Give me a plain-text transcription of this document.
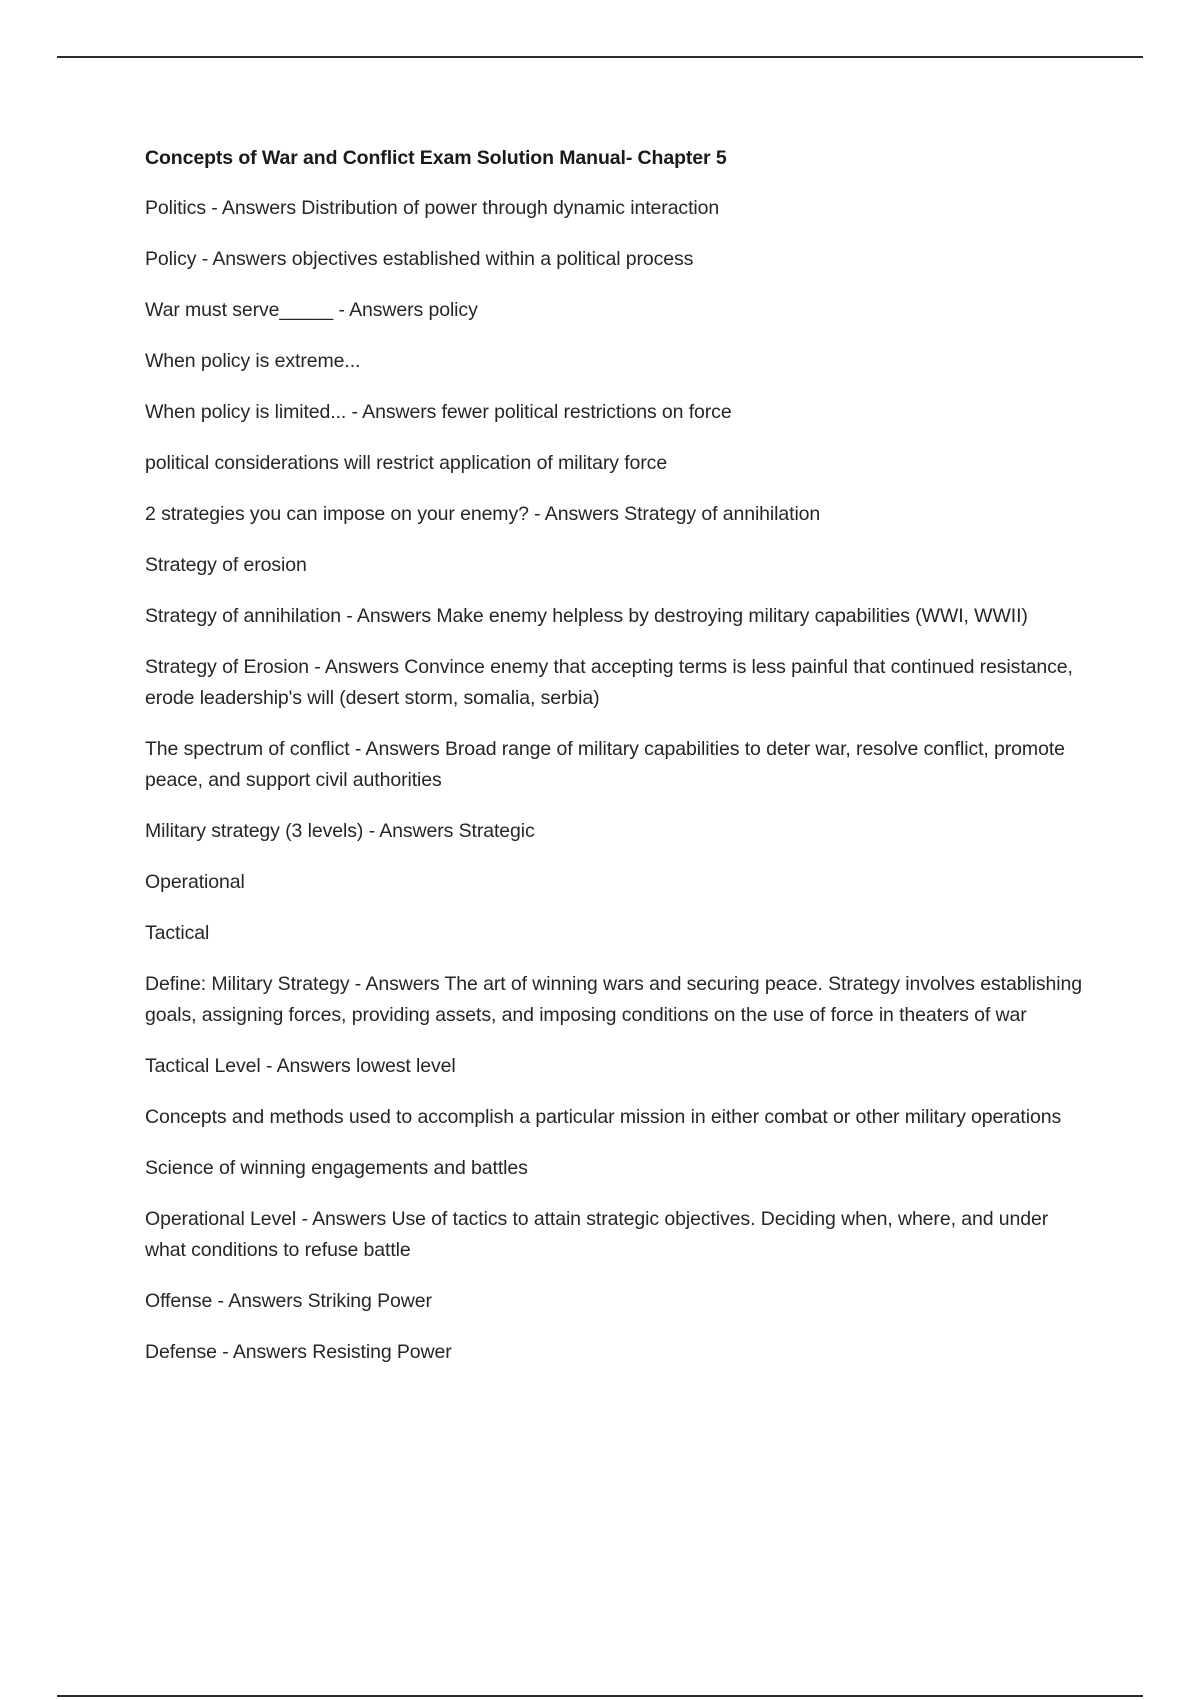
Concepts of War and Conflict Exam Solution Manual- Chapter 5

Politics - Answers Distribution of power through dynamic interaction
Policy - Answers objectives established within a political process
War must serve_____ - Answers policy
When policy is extreme...
When policy is limited... - Answers fewer political restrictions on force
political considerations will restrict application of military force
2 strategies you can impose on your enemy? - Answers Strategy of annihilation
Strategy of erosion
Strategy of annihilation - Answers Make enemy helpless by destroying military capabilities (WWI, WWII)
Strategy of Erosion - Answers Convince enemy that accepting terms is less painful that continued resistance, erode leadership's will (desert storm, somalia, serbia)
The spectrum of conflict - Answers Broad range of military capabilities to deter war, resolve conflict, promote peace, and support civil authorities
Military strategy (3 levels) - Answers Strategic
Operational
Tactical
Define: Military Strategy - Answers The art of winning wars and securing peace. Strategy involves establishing goals, assigning forces, providing assets, and imposing conditions on the use of force in theaters of war
Tactical Level - Answers lowest level
Concepts and methods used to accomplish a particular mission in either combat or other military operations
Science of winning engagements and battles
Operational Level - Answers Use of tactics to attain strategic objectives. Deciding when, where, and under what conditions to refuse battle
Offense - Answers Striking Power
Defense - Answers Resisting Power
